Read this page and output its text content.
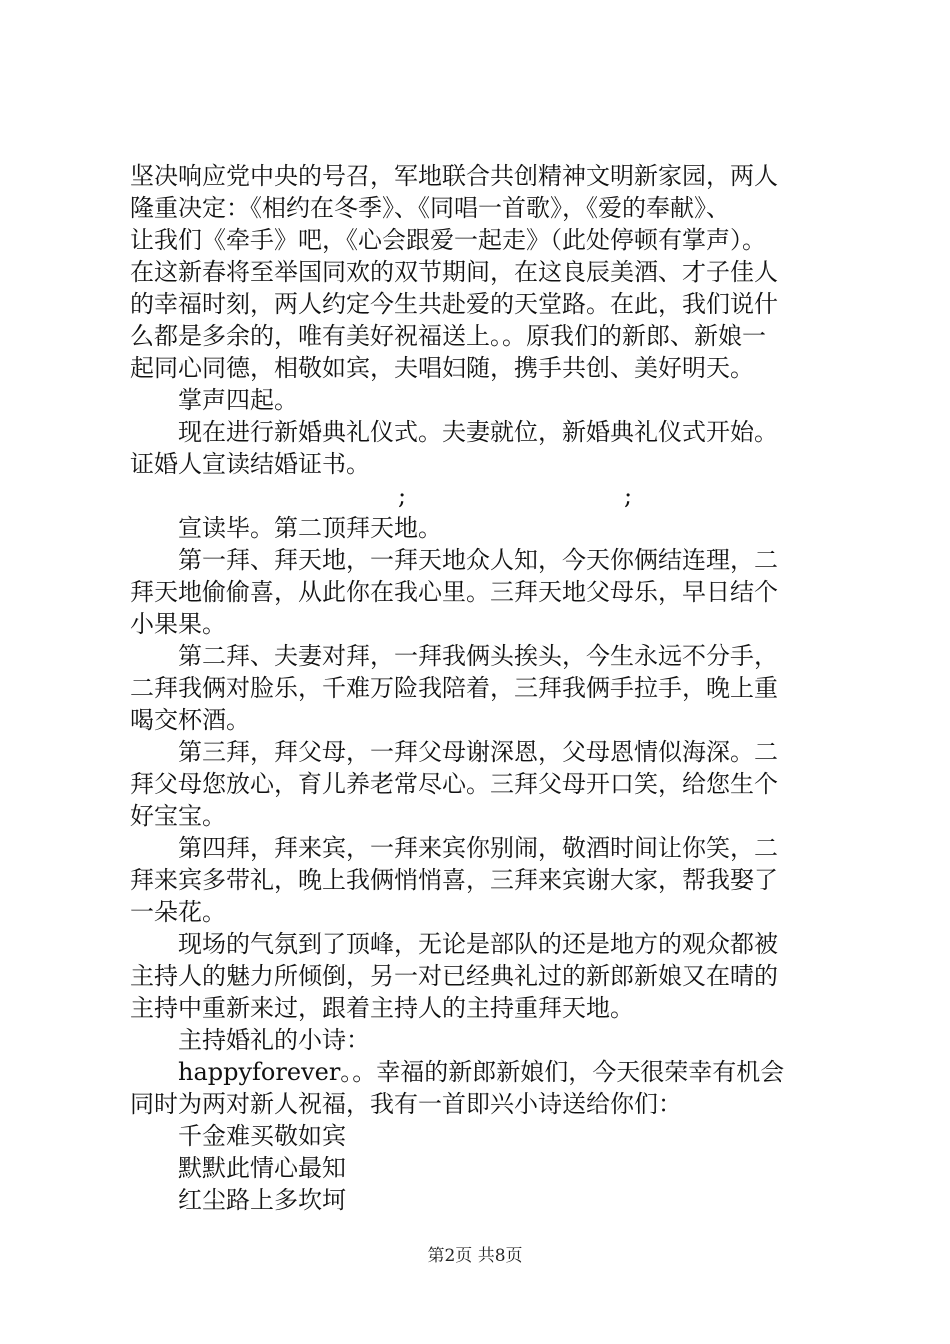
坚决响应党中央的号召，军地联合共创精神文明新家园，两人
隆重决定：《相约在冬季》、《同唱一首歌》，《爱的奉献》、
让我们《牵手》吧，《心会跟爱一起走》（此处停顿有掌声）。
在这新春将至举国同欢的双节期间，在这良辰美酒、才子佳人
的幸福时刻，两人约定今生共赴爱的天堂路。在此，我们说什
么都是多余的，唯有美好祝福送上。。原我们的新郎、新娘一
起同心同德，相敬如宾，夫唱妇随，携手共创、美好明天。
掌声四起。
现在进行新婚典礼仪式。夫妻就位，新婚典礼仪式开始。
证婚人宣读结婚证书。
;	;
宣读毕。第二顶拜天地。
第一拜、拜天地，一拜天地众人知，今天你俩结连理，二
拜天地偷偷喜，从此你在我心里。三拜天地父母乐，早日结个
小果果。
第二拜、夫妻对拜，一拜我俩头挨头，今生永远不分手，
二拜我俩对脸乐，千难万险我陪着，三拜我俩手拉手，晚上重
喝交杯酒。
第三拜，拜父母，一拜父母谢深恩，父母恩情似海深。二
拜父母您放心，育儿养老常尽心。三拜父母开口笑，给您生个
好宝宝。
第四拜，拜来宾，一拜来宾你别闹，敬酒时间让你笑，二
拜来宾多带礼，晚上我俩悄悄喜，三拜来宾谢大家，帮我娶了
一朵花。
现场的气氛到了顶峰，无论是部队的还是地方的观众都被
主持人的魅力所倾倒，另一对已经典礼过的新郎新娘又在晴的
主持中重新来过，跟着主持人的主持重拜天地。
主持婚礼的小诗：
happyforever。。幸福的新郎新娘们，今天很荣幸有机会
同时为两对新人祝福，我有一首即兴小诗送给你们：
千金难买敬如宾
默默此情心最知
红尘路上多坎坷
第2页 共8页
